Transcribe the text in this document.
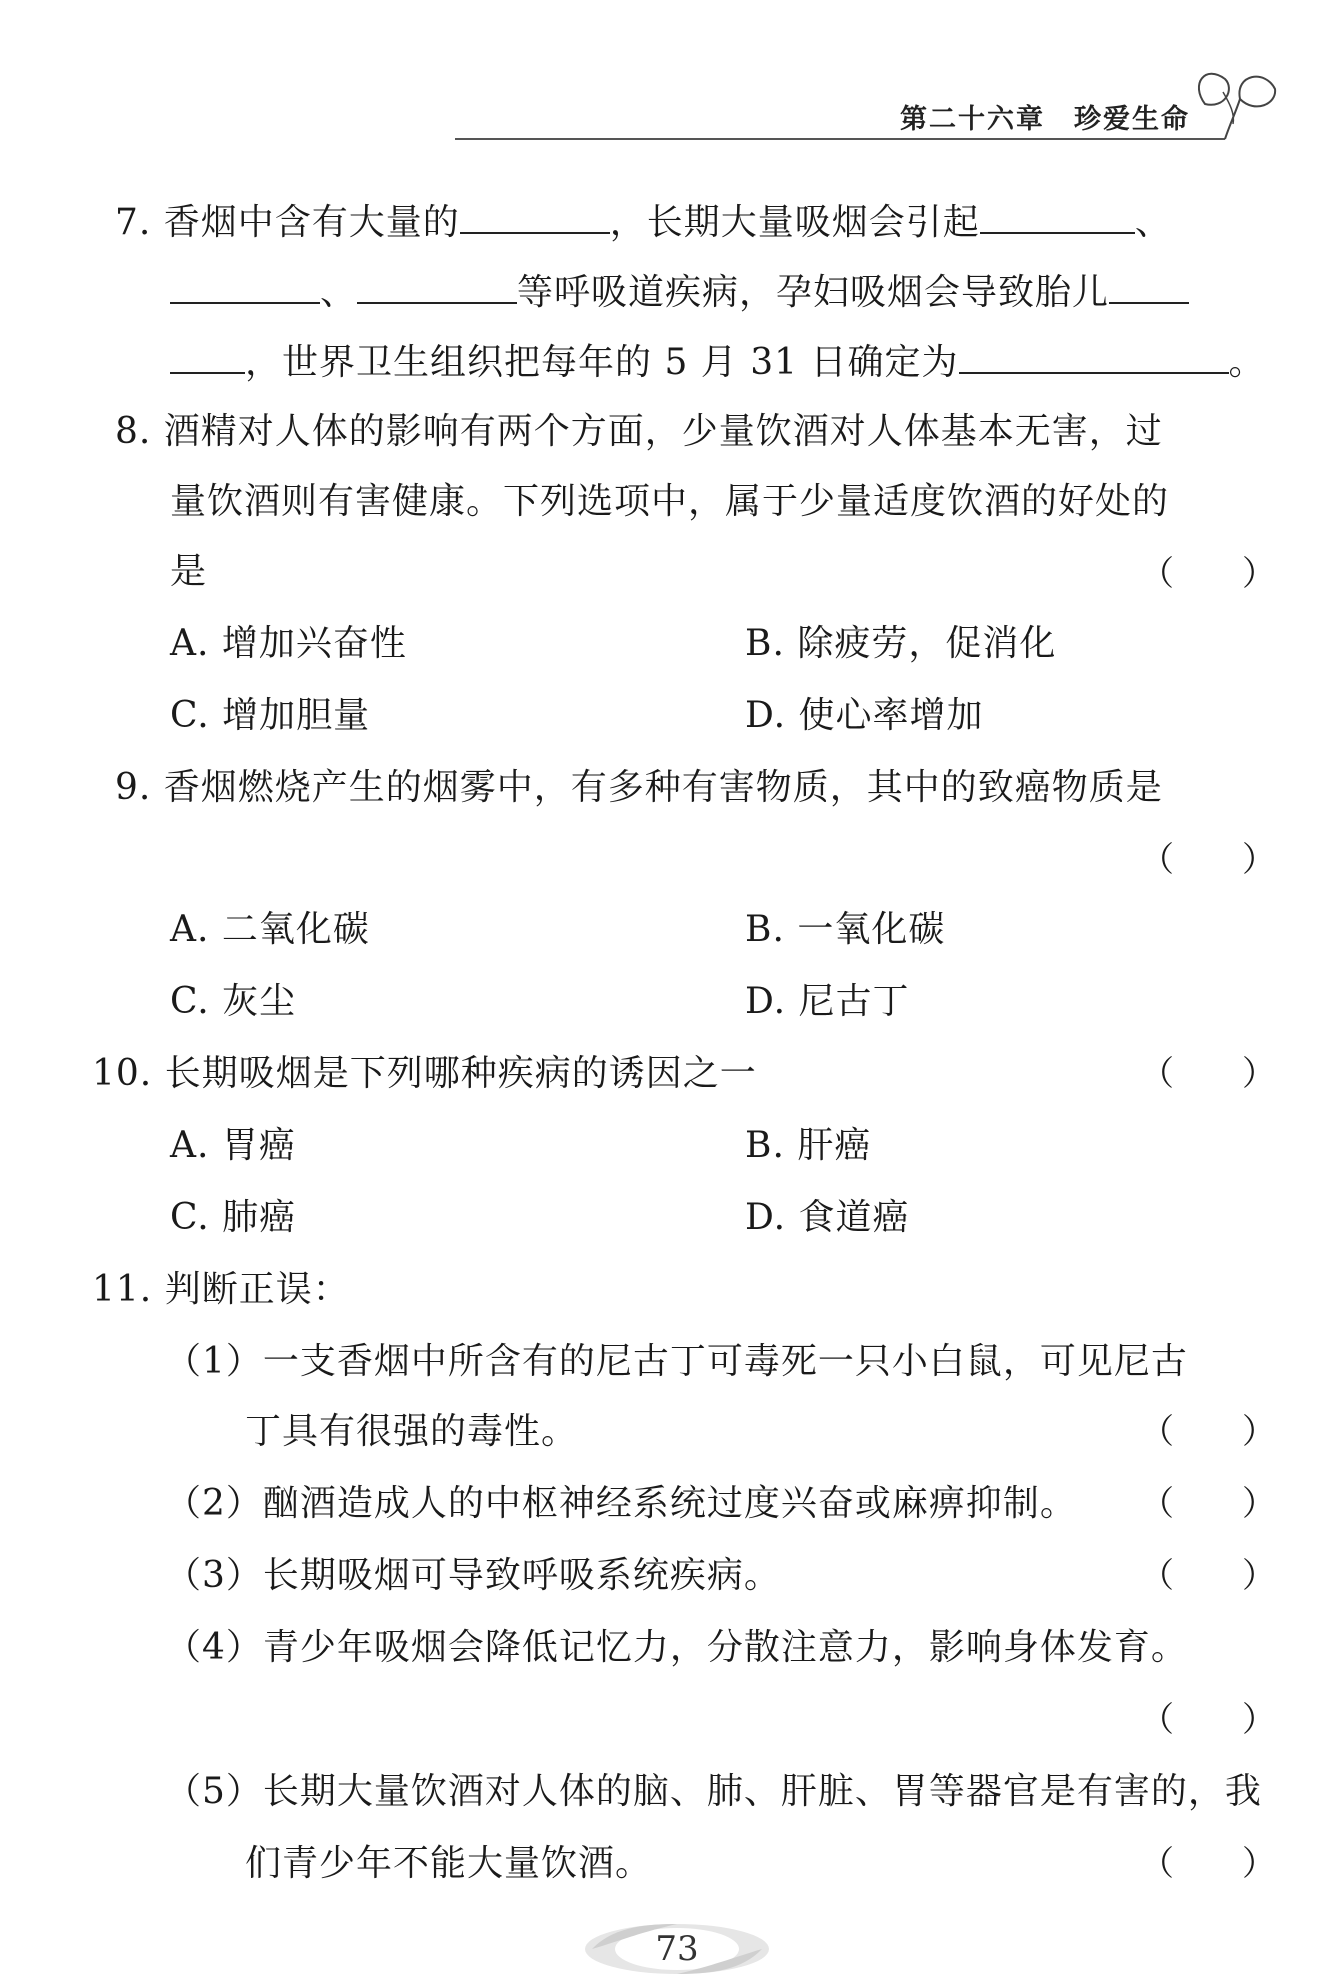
第二十六章　珍爱生命
7. 香烟中含有大量的	，长期大量吸烟会引起	、
、	等呼吸道疾病，孕妇吸烟会导致胎儿
，世界卫生组织把每年的 5 月 31 日确定为	。
8. 酒精对人体的影响有两个方面，少量饮酒对人体基本无害，过
量饮酒则有害健康。下列选项中，属于少量适度饮酒的好处的
是	（　　）
A. 增加兴奋性	B. 除疲劳，促消化
C. 增加胆量	D. 使心率增加
9. 香烟燃烧产生的烟雾中，有多种有害物质，其中的致癌物质是
（　　）
A. 二氧化碳	B. 一氧化碳
C. 灰尘	D. 尼古丁
10. 长期吸烟是下列哪种疾病的诱因之一	（　　）
A. 胃癌	B. 肝癌
C. 肺癌	D. 食道癌
11. 判断正误：
（1）一支香烟中所含有的尼古丁可毒死一只小白鼠，可见尼古
丁具有很强的毒性。	（　　）
（2）酗酒造成人的中枢神经系统过度兴奋或麻痹抑制。 （　　）
（3）长期吸烟可导致呼吸系统疾病。	（　　）
（4）青少年吸烟会降低记忆力，分散注意力，影响身体发育。
（　　）
（5）长期大量饮酒对人体的脑、肺、肝脏、胃等器官是有害的，我
们青少年不能大量饮酒。	（　　）
73
